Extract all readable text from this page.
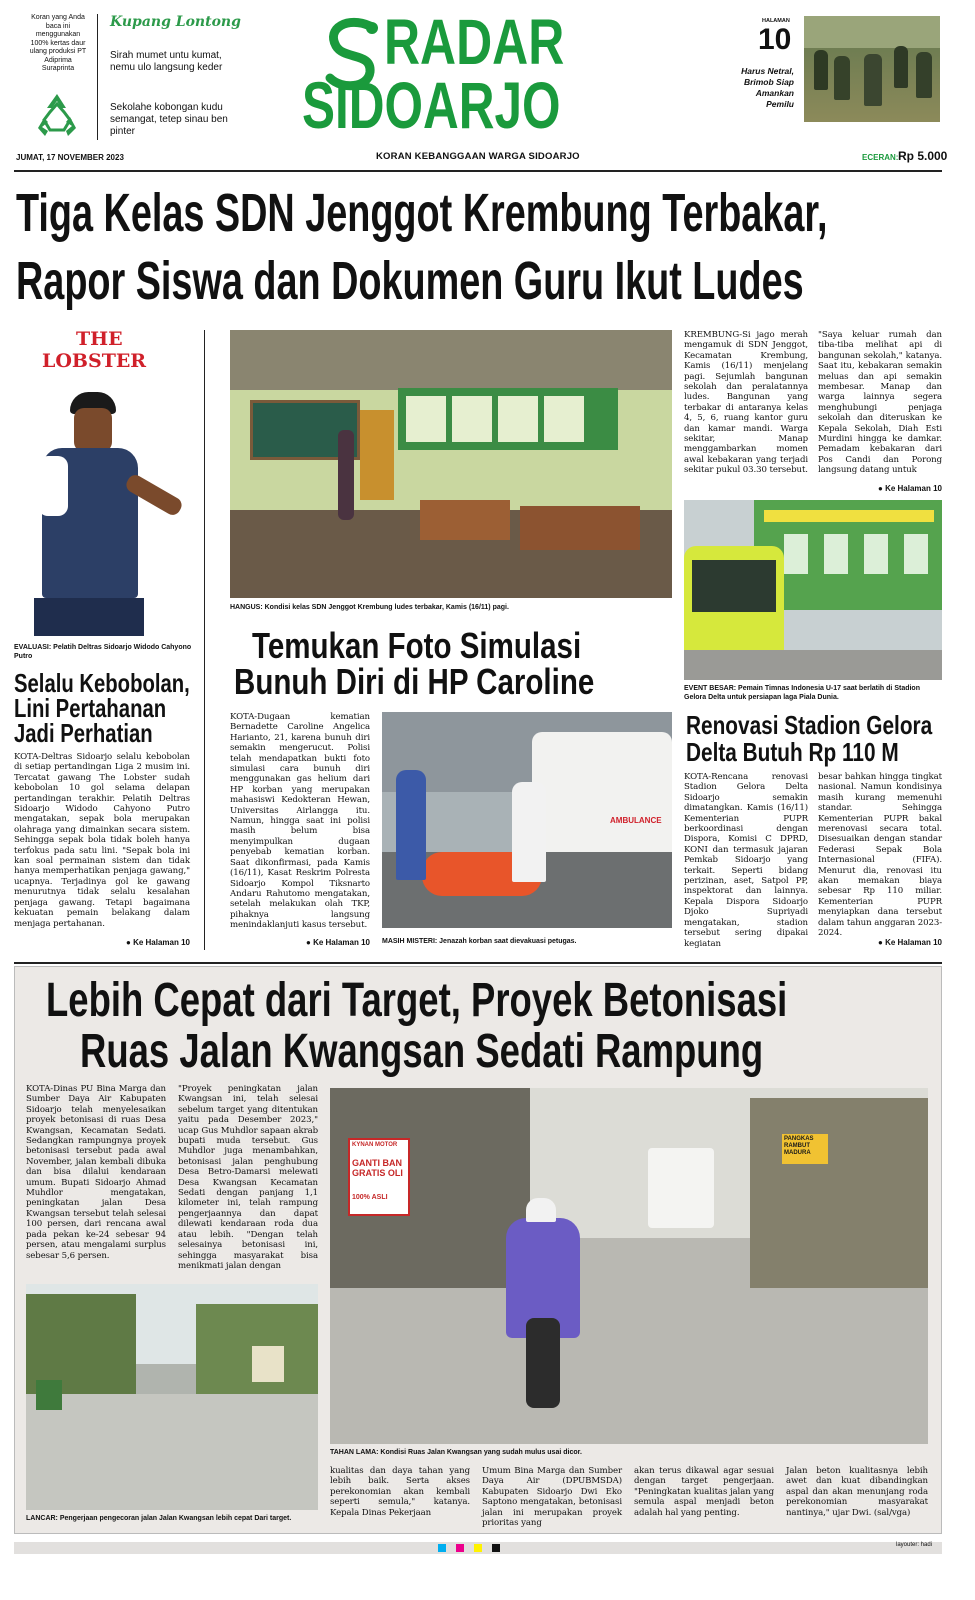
Koran yang Anda baca ini menggunakan 100% kertas daur ulang produksi PT Adiprima Suraprinta
Kupang Lontong
Sirah mumet untu kumat, nemu ulo langsung keder
Sekolahe kobongan kudu semangat, tetep sinau ben pinter
RADAR
SIDOARJO
KORAN KEBANGGAAN WARGA SIDOARJO
JUMAT, 17 NOVEMBER 2023	ECERAN: Rp 5.000
HALAMAN
10
Harus Netral, Brimob Siap Amankan Pemilu
Tiga Kelas SDN Jenggot Krembung Terbakar,
Rapor Siswa dan Dokumen Guru Ikut Ludes
THE
LOBSTER
EVALUASI: Pelatih Deltras Sidoarjo Widodo Cahyono Putro
Selalu Kebobolan,
Lini Pertahanan
Jadi Perhatian
KOTA-Deltras Sidoarjo selalu kebobolan di setiap pertandingan Liga 2 musim ini. Tercatat gawang The Lobster sudah kebobolan 10 gol selama delapan pertandingan terakhir. Pelatih Deltras Sidoarjo Widodo Cahyono Putro mengatakan, sepak bola merupakan olahraga yang dimainkan secara sistem. Sehingga sepak bola tidak boleh hanya terfokus pada satu lini. "Sepak bola ini kan soal permainan sistem dan tidak hanya memperhatikan penjaga gawang," ucapnya. Terjadinya gol ke gawang menurutnya tidak selalu kesalahan penjaga gawang. Tetapi bagaimana kekuatan pemain belakang dalam menjaga pertahanan.
● Ke Halaman 10
HANGUS: Kondisi kelas SDN Jenggot Krembung ludes terbakar, Kamis (16/11) pagi.
KREMBUNG-Si jago merah mengamuk di SDN Jenggot, Kecamatan Krembung, Kamis (16/11) menjelang pagi. Sejumlah bangunan sekolah dan peralatannya ludes. Bangunan yang terbakar di antaranya kelas 4, 5, 6, ruang kantor guru dan kamar mandi. Warga sekitar, Manap menggambarkan momen awal kebakaran yang terjadi sekitar pukul 03.30 tersebut.
"Saya keluar rumah dan tiba-tiba melihat api di bangunan sekolah," katanya. Saat itu, kebakaran semakin meluas dan api semakin membesar. Manap dan warga lainnya segera menghubungi penjaga sekolah dan diteruskan ke Kepala Sekolah, Diah Esti Murdini hingga ke damkar. Pemadam kebakaran dari Pos Candi dan Porong langsung datang untuk
● Ke Halaman 10
EVENT BESAR: Pemain Timnas Indonesia U-17 saat berlatih di Stadion Gelora Delta untuk persiapan laga Piala Dunia.
Renovasi Stadion Gelora
Delta Butuh Rp 110 M
KOTA-Rencana renovasi Stadion Gelora Delta Sidoarjo semakin dimatangkan. Kamis (16/11) Kementerian PUPR berkoordinasi dengan Dispora, Komisi C DPRD, KONI dan termasuk jajaran Pemkab Sidoarjo yang terkait. Seperti bidang perizinan, aset, Satpol PP, inspektorat dan lainnya. Kepala Dispora Sidoarjo Djoko Supriyadi mengatakan, stadion tersebut sering dipakai kegiatan
besar bahkan hingga tingkat nasional. Namun kondisinya masih kurang memenuhi standar. Sehingga Kementerian PUPR bakal merenovasi secara total. Disesuaikan dengan standar Federasi Sepak Bola Internasional (FIFA). Menurut dia, renovasi itu akan memakan biaya sebesar Rp 110 miliar. Kementerian PUPR menyiapkan dana tersebut dalam tahun anggaran 2023-2024.
● Ke Halaman 10
Temukan Foto Simulasi
Bunuh Diri di HP Caroline
KOTA-Dugaan kematian Bernadette Caroline Angelica Harianto, 21, karena bunuh diri semakin mengerucut. Polisi telah mendapatkan bukti foto simulasi cara bunuh diri menggunakan gas helium dari HP korban yang merupakan mahasiswi Kedokteran Hewan, Universitas Airlangga itu. Namun, hingga saat ini polisi masih belum bisa menyimpulkan dugaan penyebab kematian korban. Saat dikonfirmasi, pada Kamis (16/11), Kasat Reskrim Polresta Sidoarjo Kompol Tiksnarto Andaru Rahutomo mengatakan, setelah melakukan olah TKP, pihaknya langsung menindaklanjuti kasus tersebut.
● Ke Halaman 10
AMBULANCE
MASIH MISTERI: Jenazah korban saat dievakuasi petugas.
Lebih Cepat dari Target, Proyek Betonisasi
Ruas Jalan Kwangsan Sedati Rampung
KOTA-Dinas PU Bina Marga dan Sumber Daya Air Kabupaten Sidoarjo telah menyelesaikan proyek betonisasi di ruas Desa Kwangsan, Kecamatan Sedati. Sedangkan rampungnya proyek betonisasi tersebut pada awal November, jalan kembali dibuka dan bisa dilalui kendaraan umum. Bupati Sidoarjo Ahmad Muhdlor mengatakan, peningkatan jalan Desa Kwangsan tersebut telah selesai 100 persen, dari rencana awal pada pekan ke-24 sebesar 94 persen, atau mengalami surplus sebesar 5,6 persen.
"Proyek peningkatan jalan Kwangsan ini, telah selesai sebelum target yang ditentukan yaitu pada Desember 2023," ucap Gus Muhdlor sapaan akrab bupati muda tersebut. Gus Muhdlor juga menambahkan, betonisasi jalan penghubung Desa Betro-Damarsi melewati Desa Kwangsan Kecamatan Sedati dengan panjang 1,1 kilometer ini, telah rampung pengerjaannya dan dapat dilewati kendaraan roda dua atau lebih. "Dengan telah selesainya betonisasi ini, sehingga masyarakat bisa menikmati jalan dengan
KYNAN MOTOR
GANTI BAN GRATIS OLI
100% ASLI
PANGKAS RAMBUT MADURA
TAHAN LAMA: Kondisi Ruas Jalan Kwangsan yang sudah mulus usai dicor.
LANCAR: Pengerjaan pengecoran jalan Jalan Kwangsan lebih cepat Dari target.
kualitas dan daya tahan yang lebih baik. Serta akses perekonomian akan kembali seperti semula," katanya. Kepala Dinas Pekerjaan
Umum Bina Marga dan Sumber Daya Air (DPUBMSDA) Kabupaten Sidoarjo Dwi Eko Saptono mengatakan, betonisasi jalan ini merupakan proyek prioritas yang
akan terus dikawal agar sesuai dengan target pengerjaan. "Peningkatan kualitas jalan yang semula aspal menjadi beton adalah hal yang penting.
Jalan beton kualitasnya lebih awet dan kuat dibandingkan aspal dan akan menunjang roda perekonomian masyarakat nantinya," ujar Dwi. (sal/vga)
layouter: hadi
